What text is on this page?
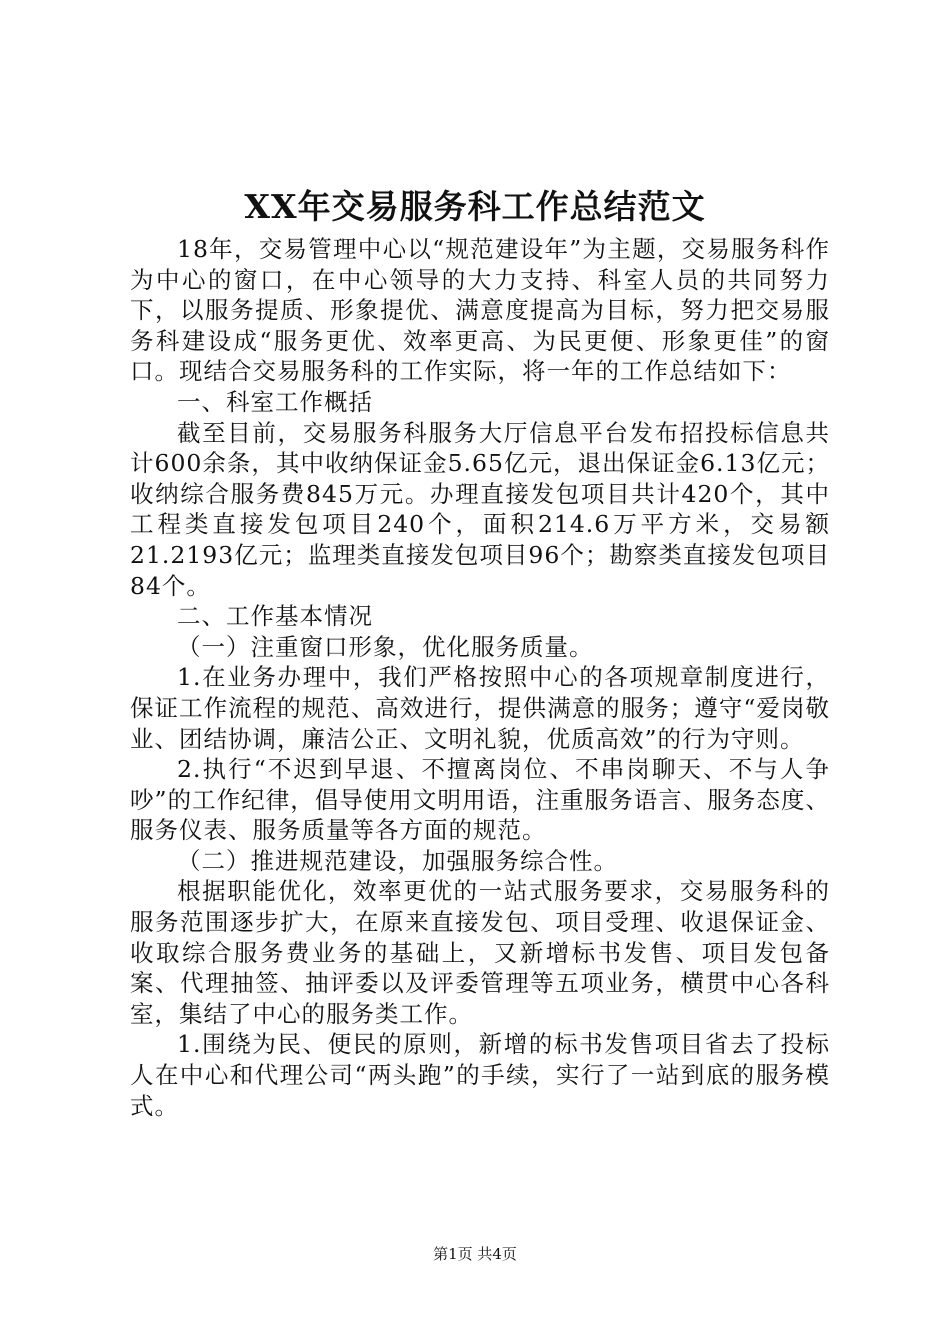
XX年交易服务科工作总结范文

18年，交易管理中心以“规范建设年”为主题，交易服务科作为中心的窗口，在中心领导的大力支持、科室人员的共同努力下，以服务提质、形象提优、满意度提高为目标，努力把交易服务科建设成“服务更优、效率更高、为民更便、形象更佳”的窗口。现结合交易服务科的工作实际，将一年的工作总结如下：

一、科室工作概括

截至目前，交易服务科服务大厅信息平台发布招投标信息共计600余条，其中收纳保证金5.65亿元，退出保证金6.13亿元；收纳综合服务费845万元。办理直接发包项目共计420个，其中工程类直接发包项目240个，面积214.6万平方米，交易额21.2193亿元；监理类直接发包项目96个；勘察类直接发包项目84个。

二、工作基本情况

（一）注重窗口形象，优化服务质量。

1.在业务办理中，我们严格按照中心的各项规章制度进行，保证工作流程的规范、高效进行，提供满意的服务；遵守“爱岗敬业、团结协调，廉洁公正、文明礼貌，优质高效”的行为守则。

2.执行“不迟到早退、不擅离岗位、不串岗聊天、不与人争吵”的工作纪律，倡导使用文明用语，注重服务语言、服务态度、服务仪表、服务质量等各方面的规范。

（二）推进规范建设，加强服务综合性。

根据职能优化，效率更优的一站式服务要求，交易服务科的服务范围逐步扩大，在原来直接发包、项目受理、收退保证金、收取综合服务费业务的基础上，又新增标书发售、项目发包备案、代理抽签、抽评委以及评委管理等五项业务，横贯中心各科室，集结了中心的服务类工作。

1.围绕为民、便民的原则，新增的标书发售项目省去了投标人在中心和代理公司“两头跑”的手续，实行了一站到底的服务模式。

第1页 共4页
